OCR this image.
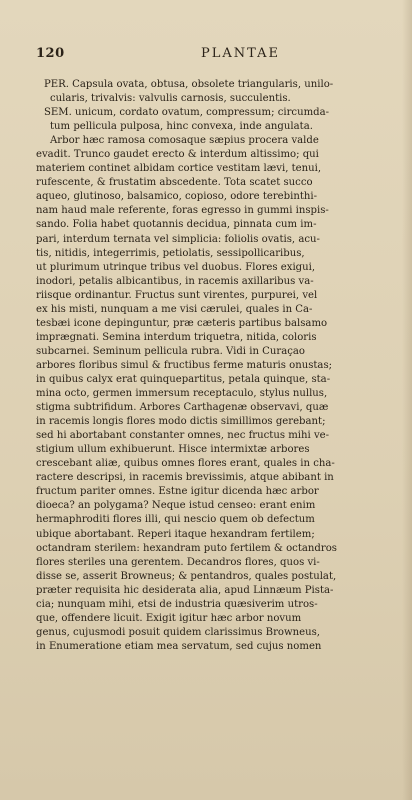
120	PLANTAE
PER. Capsula ovata, obtusa, obsolete triangularis, unilo-
cularis, trivalvis: valvulis carnosis, succulentis.
SEM. unicum, cordato ovatum, compressum; circumda-
tum pellicula pulposa, hinc convexa, inde angulata.
Arbor hæc ramosa comosaque sæpius procera valde
evadit. Trunco gaudet erecto & interdum altissimo; qui
materiem continet albidam cortice vestitam lævi, tenui,
rufescente, & frustatim abscedente. Tota scatet succo
aqueo, glutinoso, balsamico, copioso, odore terebinthi-
nam haud male referente, foras egresso in gummi inspis-
sando. Folia habet quotannis decidua, pinnata cum im-
pari, interdum ternata vel simplicia: foliolis ovatis, acu-
tis, nitidis, integerrimis, petiolatis, sessipollicaribus,
ut plurimum utrinque tribus vel duobus. Flores exigui,
inodori, petalis albicantibus, in racemis axillaribus va-
riisque ordinantur. Fructus sunt virentes, purpurei, vel
ex his misti, nunquam a me visi cærulei, quales in Ca-
tesbæi icone depinguntur, præ cæteris partibus balsamo
imprægnati. Semina interdum triquetra, nitida, coloris
subcarnei. Seminum pellicula rubra. Vidi in Curaçao
arbores floribus simul & fructibus ferme maturis onustas;
in quibus calyx erat quinquepartitus, petala quinque, sta-
mina octo, germen immersum receptaculo, stylus nullus,
stigma subtrifidum. Arbores Carthagenæ observavi, quæ
in racemis longis flores modo dictis simillimos gerebant;
sed hi abortabant constanter omnes, nec fructus mihi ve-
stigium ullum exhibuerunt. Hisce intermixtæ arbores
crescebant aliæ, quibus omnes flores erant, quales in cha-
ractere descripsi, in racemis brevissimis, atque abibant in
fructum pariter omnes. Estne igitur dicenda hæc arbor
dioeca? an polygama? Neque istud censeo: erant enim
hermaphroditi flores illi, qui nescio quem ob defectum
ubique abortabant. Reperi itaque hexandram fertilem;
octandram sterilem: hexandram puto fertilem & octandros
flores steriles una gerentem. Decandros flores, quos vi-
disse se, asserit Browneus; & pentandros, quales postulat,
præter requisita hic desiderata alia, apud Linnæum Pista-
cia; nunquam mihi, etsi de industria quæsiverim utros-
que, offendere licuit. Exigit igitur hæc arbor novum
genus, cujusmodi posuit quidem clarissimus Browneus,
in Enumeratione etiam mea servatum, sed cujus nomen
